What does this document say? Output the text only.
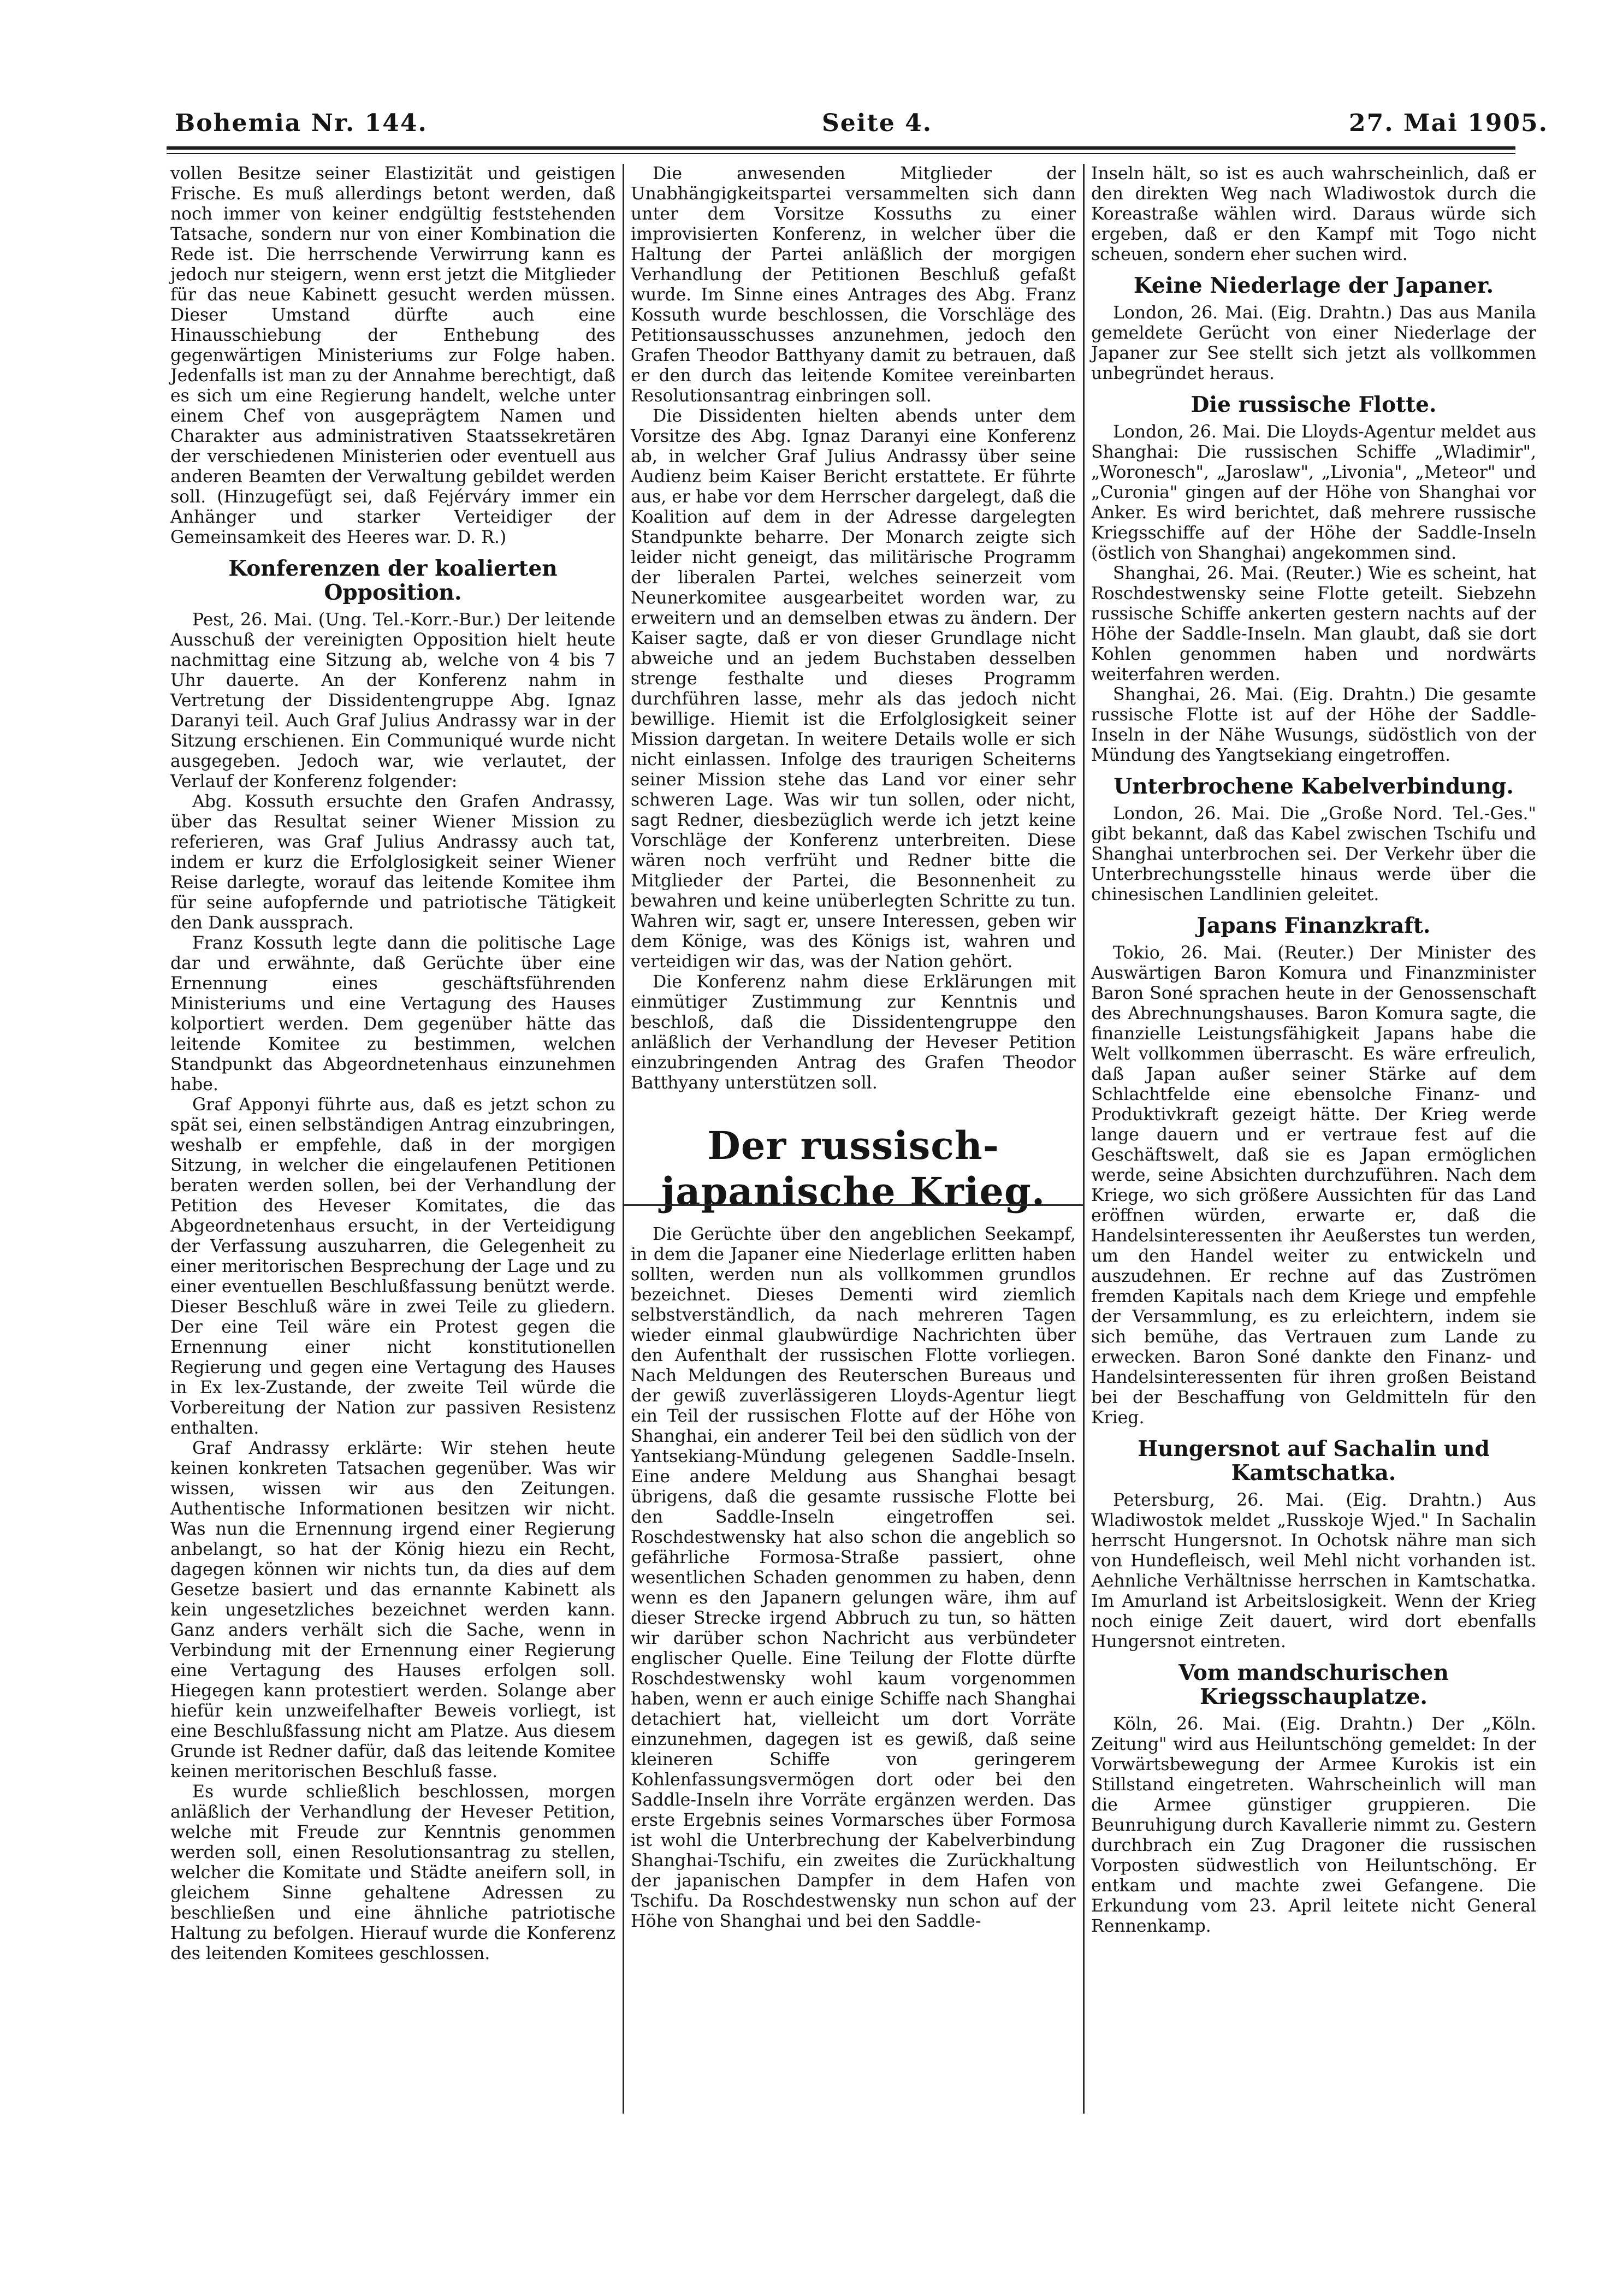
Bohemia Nr. 144.	Seite 4.	27. Mai 1905.

vollen Besitze seiner Elastizität und geistigen Frische. Es muß allerdings betont werden, daß noch immer von keiner endgültig feststehenden Tatsache, sondern nur von einer Kombination die Rede ist. Die herrschende Verwirrung kann es jedoch nur steigern, wenn erst jetzt die Mitglieder für das neue Kabinett gesucht werden müssen. Dieser Umstand dürfte auch eine Hinausschiebung der Enthebung des gegenwärtigen Ministeriums zur Folge haben. Jedenfalls ist man zu der Annahme berechtigt, daß es sich um eine Regierung handelt, welche unter einem Chef von ausgeprägtem Namen und Charakter aus administrativen Staatssekretären der verschiedenen Ministerien oder eventuell aus anderen Beamten der Verwaltung gebildet werden soll. (Hinzugefügt sei, daß Fejérváry immer ein Anhänger und starker Verteidiger der Gemeinsamkeit des Heeres war. D. R.)

Konferenzen der koalierten Opposition.

Pest, 26. Mai. (Ung. Tel.-Korr.-Bur.) Der leitende Ausschuß der vereinigten Opposition hielt heute nachmittag eine Sitzung ab, welche von 4 bis 7 Uhr dauerte. An der Konferenz nahm in Vertretung der Dissidentengruppe Abg. Ignaz Daranyi teil. Auch Graf Julius Andrassy war in der Sitzung erschienen. Ein Communiqué wurde nicht ausgegeben. Jedoch war, wie verlautet, der Verlauf der Konferenz folgender:

Abg. Kossuth ersuchte den Grafen Andrassy, über das Resultat seiner Wiener Mission zu referieren, was Graf Julius Andrassy auch tat, indem er kurz die Erfolglosigkeit seiner Wiener Reise darlegte, worauf das leitende Komitee ihm für seine aufopfernde und patriotische Tätigkeit den Dank aussprach.

Franz Kossuth legte dann die politische Lage dar und erwähnte, daß Gerüchte über eine Ernennung eines geschäftsführenden Ministeriums und eine Vertagung des Hauses kolportiert werden. Dem gegenüber hätte das leitende Komitee zu bestimmen, welchen Standpunkt das Abgeordnetenhaus einzunehmen habe.

Graf Apponyi führte aus, daß es jetzt schon zu spät sei, einen selbständigen Antrag einzubringen, weshalb er empfehle, daß in der morgigen Sitzung, in welcher die eingelaufenen Petitionen beraten werden sollen, bei der Verhandlung der Petition des Heveser Komitates, die das Abgeordnetenhaus ersucht, in der Verteidigung der Verfassung auszuharren, die Gelegenheit zu einer meritorischen Besprechung der Lage und zu einer eventuellen Beschlußfassung benützt werde. Dieser Beschluß wäre in zwei Teile zu gliedern. Der eine Teil wäre ein Protest gegen die Ernennung einer nicht konstitutionellen Regierung und gegen eine Vertagung des Hauses in Ex lex-Zustande, der zweite Teil würde die Vorbereitung der Nation zur passiven Resistenz enthalten.

Graf Andrassy erklärte: Wir stehen heute keinen konkreten Tatsachen gegenüber. Was wir wissen, wissen wir aus den Zeitungen. Authentische Informationen besitzen wir nicht. Was nun die Ernennung irgend einer Regierung anbelangt, so hat der König hiezu ein Recht, dagegen können wir nichts tun, da dies auf dem Gesetze basiert und das ernannte Kabinett als kein ungesetzliches bezeichnet werden kann. Ganz anders verhält sich die Sache, wenn in Verbindung mit der Ernennung einer Regierung eine Vertagung des Hauses erfolgen soll. Hiegegen kann protestiert werden. Solange aber hiefür kein unzweifelhafter Beweis vorliegt, ist eine Beschlußfassung nicht am Platze. Aus diesem Grunde ist Redner dafür, daß das leitende Komitee keinen meritorischen Beschluß fasse.

Es wurde schließlich beschlossen, morgen anläßlich der Verhandlung der Heveser Petition, welche mit Freude zur Kenntnis genommen werden soll, einen Resolutionsantrag zu stellen, welcher die Komitate und Städte aneifern soll, in gleichem Sinne gehaltene Adressen zu beschließen und eine ähnliche patriotische Haltung zu befolgen. Hierauf wurde die Konferenz des leitenden Komitees geschlossen.

Die anwesenden Mitglieder der Unabhängigkeitspartei versammelten sich dann unter dem Vorsitze Kossuths zu einer improvisierten Konferenz, in welcher über die Haltung der Partei anläßlich der morgigen Verhandlung der Petitionen Beschluß gefaßt wurde. Im Sinne eines Antrages des Abg. Franz Kossuth wurde beschlossen, die Vorschläge des Petitionsausschusses anzunehmen, jedoch den Grafen Theodor Batthyany damit zu betrauen, daß er den durch das leitende Komitee vereinbarten Resolutionsantrag einbringen soll.

Die Dissidenten hielten abends unter dem Vorsitze des Abg. Ignaz Daranyi eine Konferenz ab, in welcher Graf Julius Andrassy über seine Audienz beim Kaiser Bericht erstattete. Er führte aus, er habe vor dem Herrscher dargelegt, daß die Koalition auf dem in der Adresse dargelegten Standpunkte beharre. Der Monarch zeigte sich leider nicht geneigt, das militärische Programm der liberalen Partei, welches seinerzeit vom Neunerkomitee ausgearbeitet worden war, zu erweitern und an demselben etwas zu ändern. Der Kaiser sagte, daß er von dieser Grundlage nicht abweiche und an jedem Buchstaben desselben strenge festhalte und dieses Programm durchführen lasse, mehr als das jedoch nicht bewillige. Hiemit ist die Erfolglosigkeit seiner Mission dargetan. In weitere Details wolle er sich nicht einlassen. Infolge des traurigen Scheiterns seiner Mission stehe das Land vor einer sehr schweren Lage. Was wir tun sollen, oder nicht, sagt Redner, diesbezüglich werde ich jetzt keine Vorschläge der Konferenz unterbreiten. Diese wären noch verfrüht und Redner bitte die Mitglieder der Partei, die Besonnenheit zu bewahren und keine unüberlegten Schritte zu tun. Wahren wir, sagt er, unsere Interessen, geben wir dem Könige, was des Königs ist, wahren und verteidigen wir das, was der Nation gehört.

Die Konferenz nahm diese Erklärungen mit einmütiger Zustimmung zur Kenntnis und beschloß, daß die Dissidentengruppe den anläßlich der Verhandlung der Heveser Petition einzubringenden Antrag des Grafen Theodor Batthyany unterstützen soll.

Der russisch-japanische Krieg.

Die Gerüchte über den angeblichen Seekampf, in dem die Japaner eine Niederlage erlitten haben sollten, werden nun als vollkommen grundlos bezeichnet. Dieses Dementi wird ziemlich selbstverständlich, da nach mehreren Tagen wieder einmal glaubwürdige Nachrichten über den Aufenthalt der russischen Flotte vorliegen. Nach Meldungen des Reuterschen Bureaus und der gewiß zuverlässigeren Lloyds-Agentur liegt ein Teil der russischen Flotte auf der Höhe von Shanghai, ein anderer Teil bei den südlich von der Yantsekiang-Mündung gelegenen Saddle-Inseln. Eine andere Meldung aus Shanghai besagt übrigens, daß die gesamte russische Flotte bei den Saddle-Inseln eingetroffen sei. Roschdestwensky hat also schon die angeblich so gefährliche Formosa-Straße passiert, ohne wesentlichen Schaden genommen zu haben, denn wenn es den Japanern gelungen wäre, ihm auf dieser Strecke irgend Abbruch zu tun, so hätten wir darüber schon Nachricht aus verbündeter englischer Quelle. Eine Teilung der Flotte dürfte Roschdestwensky wohl kaum vorgenommen haben, wenn er auch einige Schiffe nach Shanghai detachiert hat, vielleicht um dort Vorräte einzunehmen, dagegen ist es gewiß, daß seine kleineren Schiffe von geringerem Kohlenfassungsvermögen dort oder bei den Saddle-Inseln ihre Vorräte ergänzen werden. Das erste Ergebnis seines Vormarsches über Formosa ist wohl die Unterbrechung der Kabelverbindung Shanghai-Tschifu, ein zweites die Zurückhaltung der japanischen Dampfer in dem Hafen von Tschifu. Da Roschdestwensky nun schon auf der Höhe von Shanghai und bei den Saddle-

Inseln hält, so ist es auch wahrscheinlich, daß er den direkten Weg nach Wladiwostok durch die Koreastraße wählen wird. Daraus würde sich ergeben, daß er den Kampf mit Togo nicht scheuen, sondern eher suchen wird.

Keine Niederlage der Japaner.

London, 26. Mai. (Eig. Drahtn.) Das aus Manila gemeldete Gerücht von einer Niederlage der Japaner zur See stellt sich jetzt als vollkommen unbegründet heraus.

Die russische Flotte.

London, 26. Mai. Die Lloyds-Agentur meldet aus Shanghai: Die russischen Schiffe „Wladimir", „Woronesch", „Jaroslaw", „Livonia", „Meteor" und „Curonia" gingen auf der Höhe von Shanghai vor Anker. Es wird berichtet, daß mehrere russische Kriegsschiffe auf der Höhe der Saddle-Inseln (östlich von Shanghai) angekommen sind.

Shanghai, 26. Mai. (Reuter.) Wie es scheint, hat Roschdestwensky seine Flotte geteilt. Siebzehn russische Schiffe ankerten gestern nachts auf der Höhe der Saddle-Inseln. Man glaubt, daß sie dort Kohlen genommen haben und nordwärts weiterfahren werden.

Shanghai, 26. Mai. (Eig. Drahtn.) Die gesamte russische Flotte ist auf der Höhe der Saddle-Inseln in der Nähe Wusungs, südöstlich von der Mündung des Yangtsekiang eingetroffen.

Unterbrochene Kabelverbindung.

London, 26. Mai. Die „Große Nord. Tel.-Ges." gibt bekannt, daß das Kabel zwischen Tschifu und Shanghai unterbrochen sei. Der Verkehr über die Unterbrechungsstelle hinaus werde über die chinesischen Landlinien geleitet.

Japans Finanzkraft.

Tokio, 26. Mai. (Reuter.) Der Minister des Auswärtigen Baron Komura und Finanzminister Baron Soné sprachen heute in der Genossenschaft des Abrechnungshauses. Baron Komura sagte, die finanzielle Leistungsfähigkeit Japans habe die Welt vollkommen überrascht. Es wäre erfreulich, daß Japan außer seiner Stärke auf dem Schlachtfelde eine ebensolche Finanz- und Produktivkraft gezeigt hätte. Der Krieg werde lange dauern und er vertraue fest auf die Geschäftswelt, daß sie es Japan ermöglichen werde, seine Absichten durchzuführen. Nach dem Kriege, wo sich größere Aussichten für das Land eröffnen würden, erwarte er, daß die Handelsinteressenten ihr Aeußerstes tun werden, um den Handel weiter zu entwickeln und auszudehnen. Er rechne auf das Zuströmen fremden Kapitals nach dem Kriege und empfehle der Versammlung, es zu erleichtern, indem sie sich bemühe, das Vertrauen zum Lande zu erwecken. Baron Soné dankte den Finanz- und Handelsinteressenten für ihren großen Beistand bei der Beschaffung von Geldmitteln für den Krieg.

Hungersnot auf Sachalin und Kamtschatka.

Petersburg, 26. Mai. (Eig. Drahtn.) Aus Wladiwostok meldet „Russkoje Wjed." In Sachalin herrscht Hungersnot. In Ochotsk nähre man sich von Hundefleisch, weil Mehl nicht vorhanden ist. Aehnliche Verhältnisse herrschen in Kamtschatka. Im Amurland ist Arbeitslosigkeit. Wenn der Krieg noch einige Zeit dauert, wird dort ebenfalls Hungersnot eintreten.

Vom mandschurischen Kriegsschauplatze.

Köln, 26. Mai. (Eig. Drahtn.) Der „Köln. Zeitung" wird aus Heiluntschöng gemeldet: In der Vorwärtsbewegung der Armee Kurokis ist ein Stillstand eingetreten. Wahrscheinlich will man die Armee günstiger gruppieren. Die Beunruhigung durch Kavallerie nimmt zu. Gestern durchbrach ein Zug Dragoner die russischen Vorposten südwestlich von Heiluntschöng. Er entkam und machte zwei Gefangene. Die Erkundung vom 23. April leitete nicht General Rennenkamp.
